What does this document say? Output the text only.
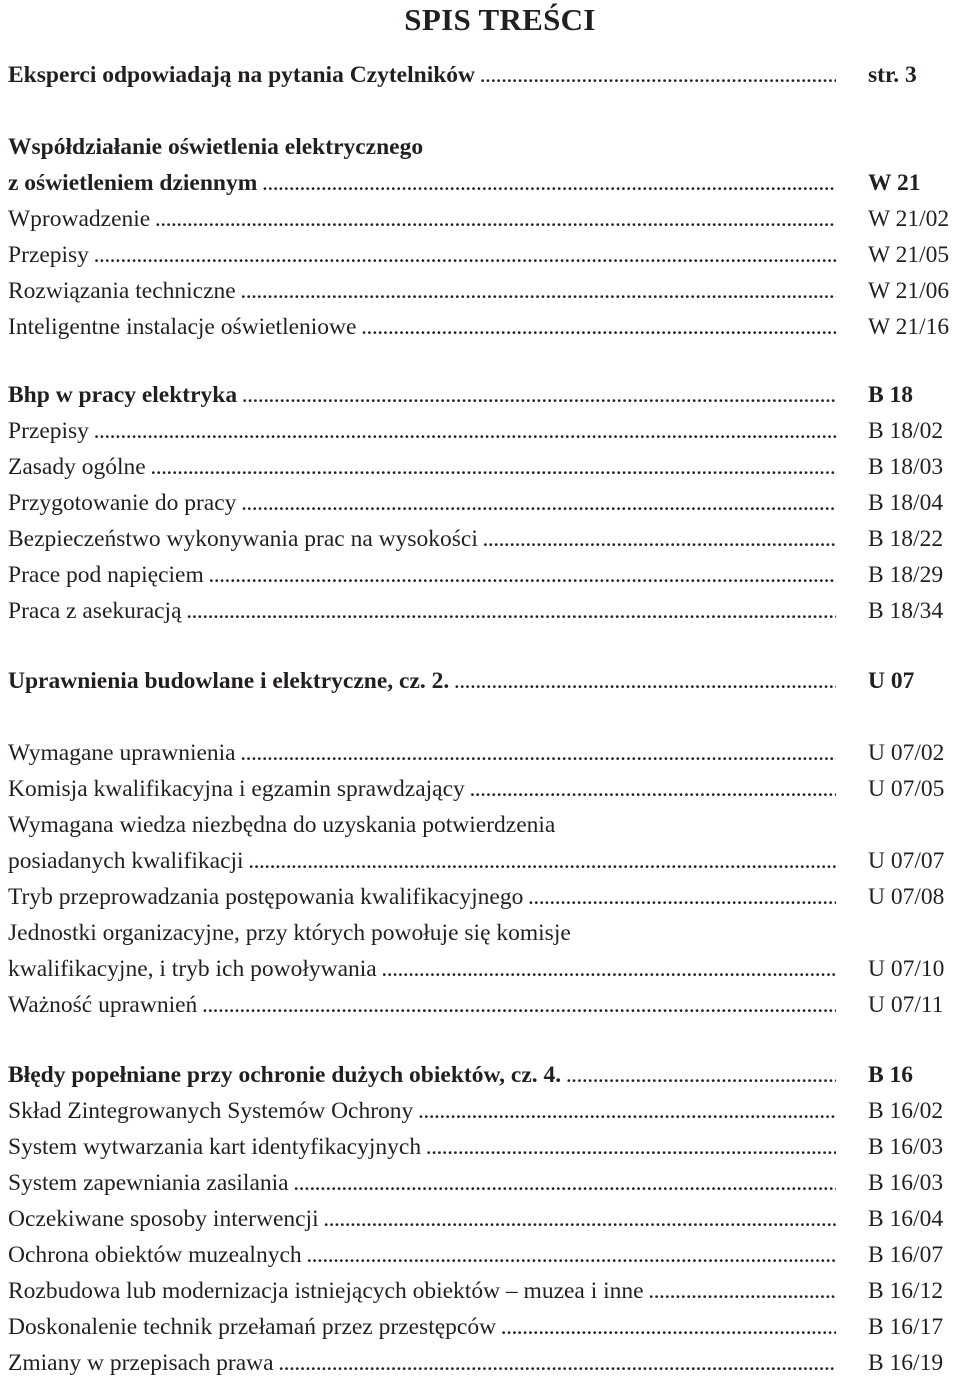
SPIS TREŚCI
Eksperci odpowiadają na pytania Czytelników . . .	str. 3
Współdziałanie oświetlenia elektrycznego
z oświetleniem dziennym . . .	W 21
Wprowadzenie . . .	W 21/02
Przepisy . . .	W 21/05
Rozwiązania techniczne . . .	W 21/06
Inteligentne instalacje oświetleniowe . . .	W 21/16
Bhp w pracy elektryka . . .	B 18
Przepisy . . .	B 18/02
Zasady ogólne . . .	B 18/03
Przygotowanie do pracy . . .	B 18/04
Bezpieczeństwo wykonywania prac na wysokości . . .	B 18/22
Prace pod napięciem . . .	B 18/29
Praca z asekuracją . . .	B 18/34
Uprawnienia budowlane i elektryczne, cz. 2. . . .	U 07
Wymagane uprawnienia . . .	U 07/02
Komisja kwalifikacyjna i egzamin sprawdzający . . .	U 07/05
Wymagana wiedza niezbędna do uzyskania potwierdzenia
posiadanych kwalifikacji . . .	U 07/07
Tryb przeprowadzania postępowania kwalifikacyjnego . . .	U 07/08
Jednostki organizacyjne, przy których powołuje się komisje
kwalifikacyjne, i tryb ich powoływania . . .	U 07/10
Ważność uprawnień . . .	U 07/11
Błędy popełniane przy ochronie dużych obiektów, cz. 4. . . .	B 16
Skład Zintegrowanych Systemów Ochrony . . .	B 16/02
System wytwarzania kart identyfikacyjnych . . .	B 16/03
System zapewniania zasilania . . .	B 16/03
Oczekiwane sposoby interwencji . . .	B 16/04
Ochrona obiektów muzealnych . . .	B 16/07
Rozbudowa lub modernizacja istniejących obiektów – muzea i inne . . .	B 16/12
Doskonalenie technik przełamań przez przestępców . . .	B 16/17
Zmiany w przepisach prawa . . .	B 16/19
